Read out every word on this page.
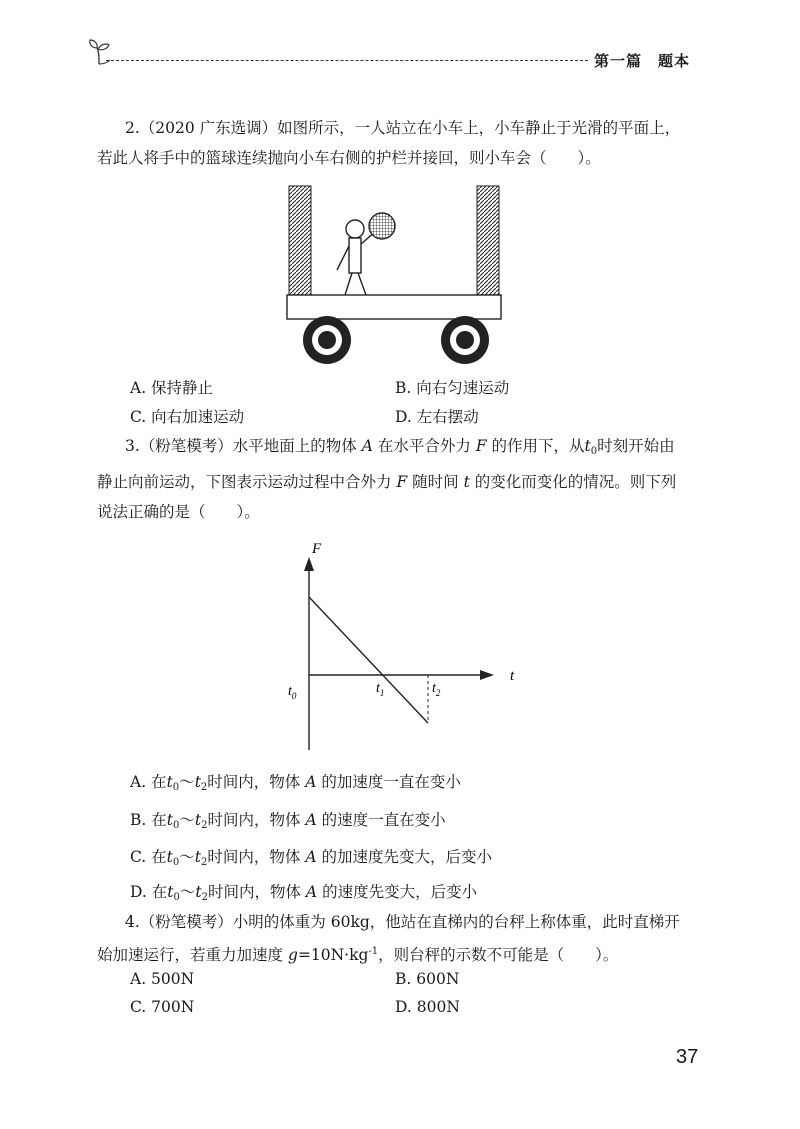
第一篇　题本
2.（2020 广东选调）如图所示，一人站立在小车上，小车静止于光滑的平面上，
若此人将手中的篮球连续抛向小车右侧的护栏并接回，则小车会（　　）。
A. 保持静止	B. 向右匀速运动
C. 向右加速运动	D. 左右摆动
3.（粉笔模考）水平地面上的物体 A 在水平合外力 F 的作用下，从$t_0$时刻开始由
静止向前运动，下图表示运动过程中合外力 F 随时间 t 的变化而变化的情况。则下列
说法正确的是（　　）。
F
t
$t_0$	$t_1$	$t_2$
A. 在$t_0\sim t_2$时间内，物体 A 的加速度一直在变小
B. 在$t_0\sim t_2$时间内，物体 A 的速度一直在变小
C. 在$t_0\sim t_2$时间内，物体 A 的加速度先变大，后变小
D. 在$t_0\sim t_2$时间内，物体 A 的速度先变大，后变小
4.（粉笔模考）小明的体重为 60kg，他站在直梯内的台秤上称体重，此时直梯开
始加速运行，若重力加速度 $g=10N\cdot kg^{-1}$，则台秤的示数不可能是（　　）。
A. 500N	B. 600N
C. 700N	D. 800N
37
